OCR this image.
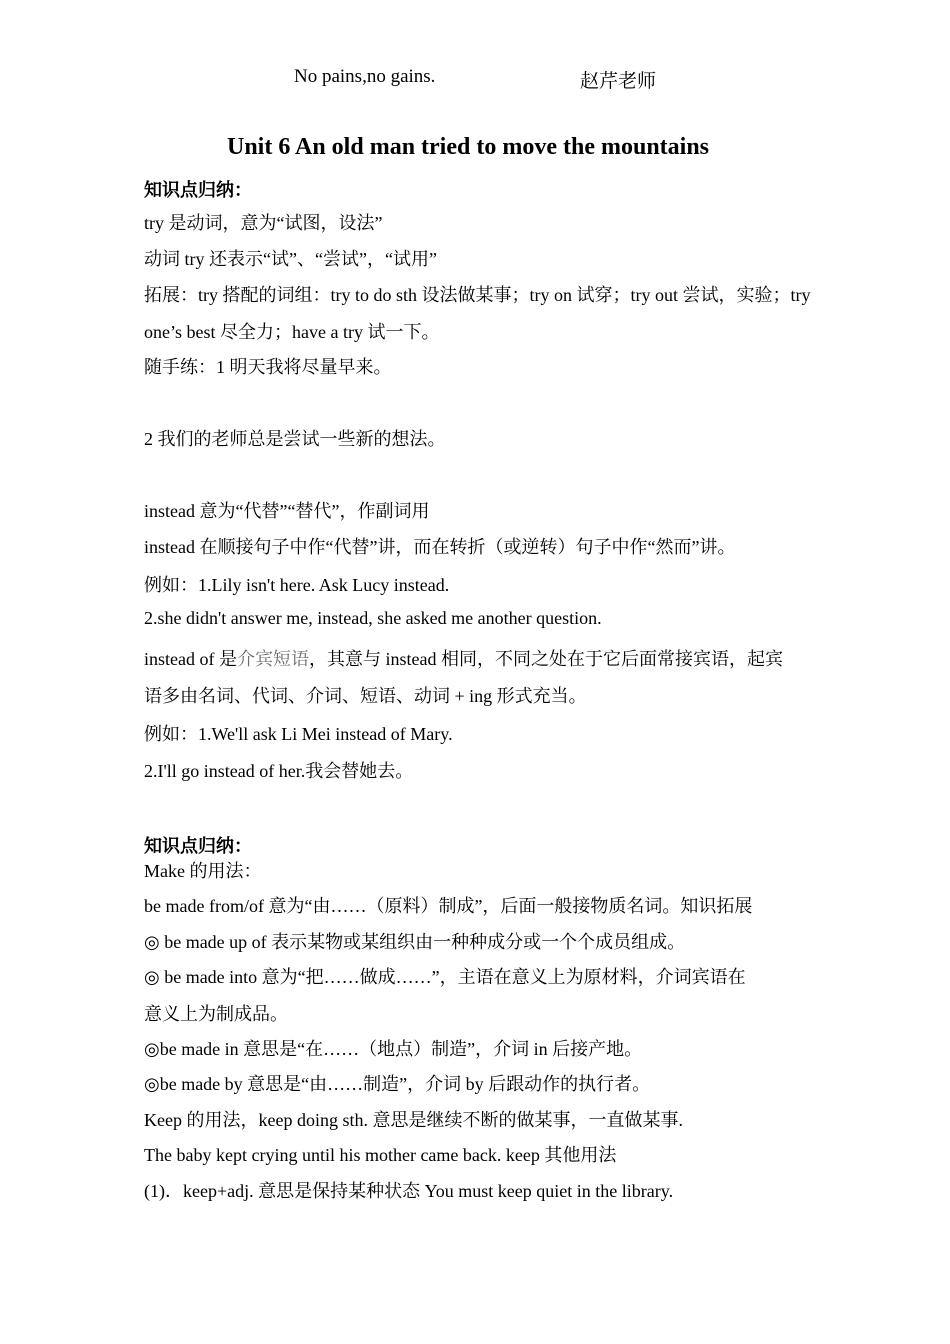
No pains,no gains.	赵芹老师
Unit 6 An old man tried to move the mountains
知识点归纳：
try 是动词，意为“试图，设法”
动词 try 还表示“试”、“尝试”，“试用”
拓展：try 搭配的词组：try to do sth 设法做某事；try on 试穿；try out 尝试，实验；try
one’s best 尽全力；have a try 试一下。
随手练：1 明天我将尽量早来。
2 我们的老师总是尝试一些新的想法。
instead 意为“代替”“替代”，作副词用
instead 在顺接句子中作“代替”讲，而在转折（或逆转）句子中作“然而”讲。
例如：1.Lily isn't here. Ask Lucy instead.
2.she didn't answer me, instead, she asked me another question.
instead of 是介宾短语，其意与 instead 相同，不同之处在于它后面常接宾语，起宾
语多由名词、代词、介词、短语、动词 + ing 形式充当。
例如：1.We'll ask Li Mei instead of Mary.
2.I'll go instead of her.我会替她去。
知识点归纳：
Make 的用法：
be made from/of 意为“由……（原料）制成”，后面一般接物质名词。知识拓展
◎ be made up of 表示某物或某组织由一种种成分或一个个成员组成。
◎ be made into 意为“把……做成……”，主语在意义上为原材料，介词宾语在
意义上为制成品。
◎be made in 意思是“在……（地点）制造”，介词 in 后接产地。
◎be made by 意思是“由……制造”，介词 by 后跟动作的执行者。
Keep 的用法，keep doing sth. 意思是继续不断的做某事，一直做某事.
The baby kept crying until his mother came back. keep 其他用法
(1)．keep+adj. 意思是保持某种状态 You must keep quiet in the library.
